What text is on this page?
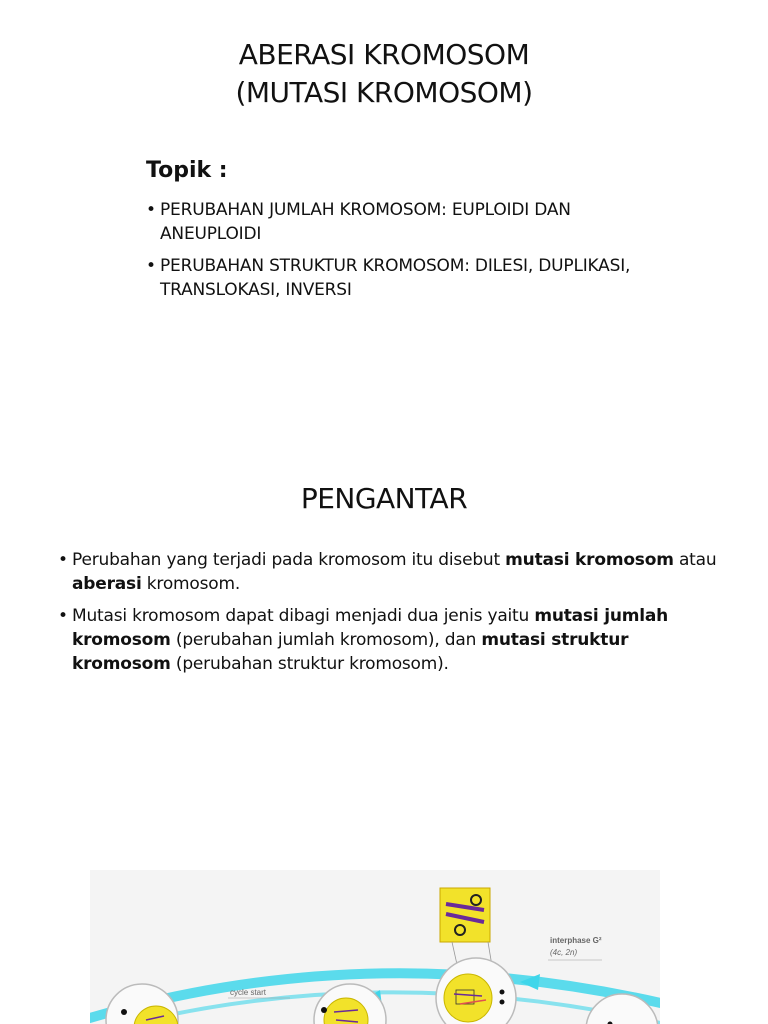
ABERASI KROMOSOM
(MUTASI KROMOSOM)
Topik :
• PERUBAHAN JUMLAH KROMOSOM: EUPLOIDI DAN ANEUPLOIDI
• PERUBAHAN STRUKTUR KROMOSOM: DILESI, DUPLIKASI, TRANSLOKASI, INVERSI
PENGANTAR
• Perubahan yang terjadi pada kromosom itu disebut mutasi kromosom atau aberasi kromosom.
• Mutasi kromosom dapat dibagi menjadi dua jenis yaitu mutasi jumlah kromosom (perubahan jumlah kromosom), dan mutasi struktur kromosom (perubahan struktur kromosom).
interphase G²
(4c, 2n)
cycle start
